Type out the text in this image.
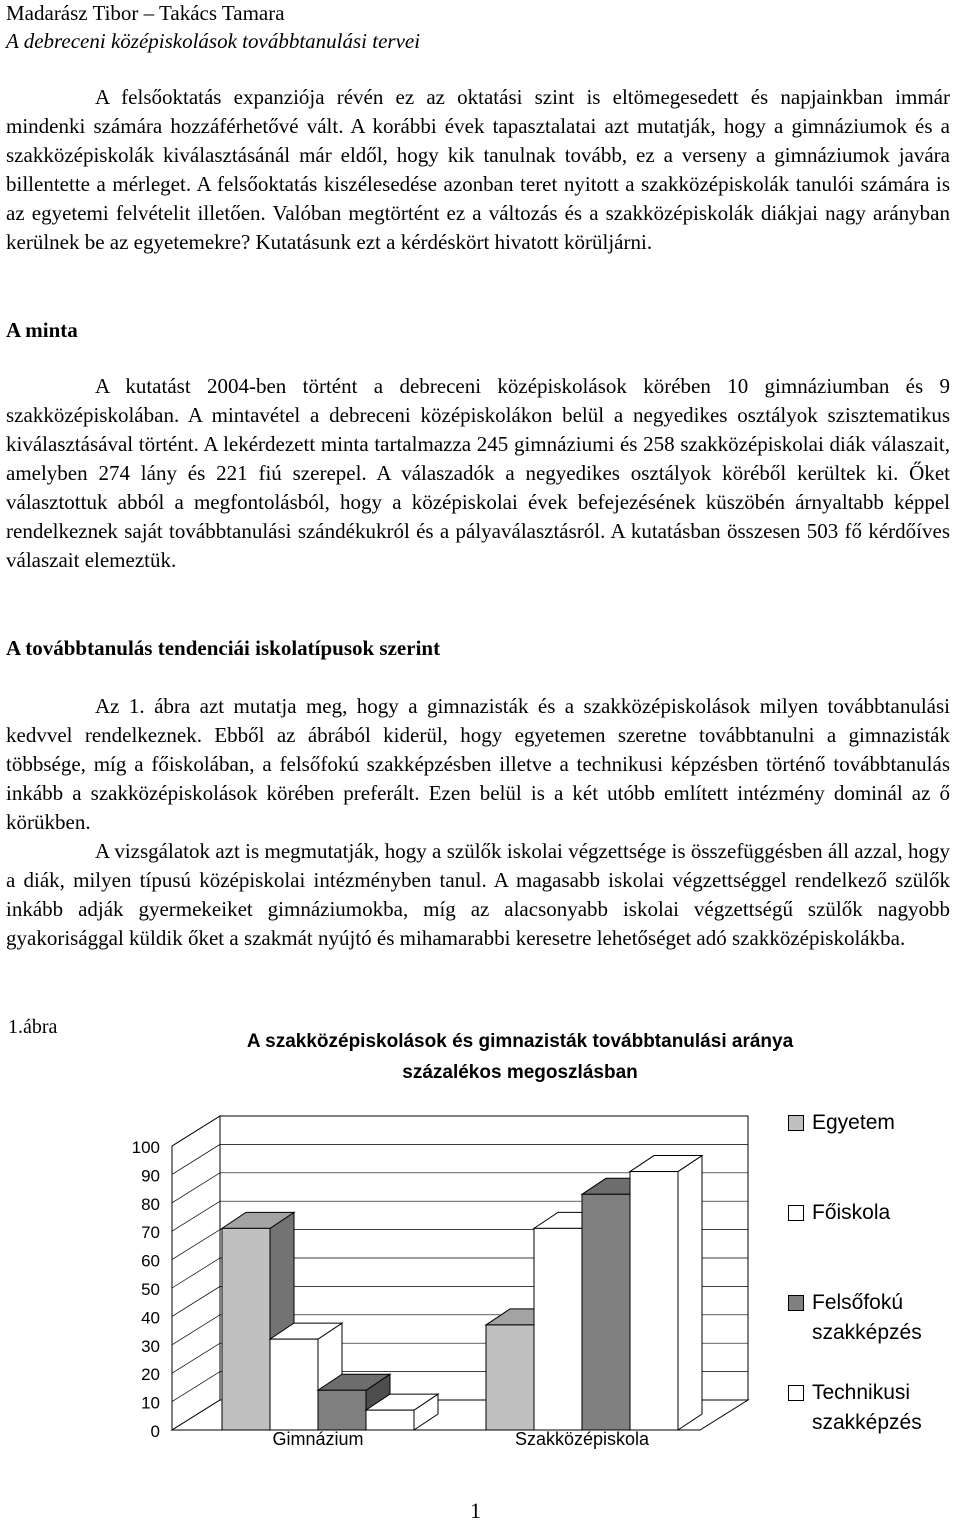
Madarász Tibor – Takács Tamara
A debreceni középiskolások továbbtanulási tervei

A felsőoktatás expanziója révén ez az oktatási szint is eltömegesedett és napjainkban immár mindenki számára hozzáférhetővé vált. A korábbi évek tapasztalatai azt mutatják, hogy a gimnáziumok és a szakközépiskolák kiválasztásánál már eldől, hogy kik tanulnak tovább, ez a verseny a gimnáziumok javára billentette a mérleget. A felsőoktatás kiszélesedése azonban teret nyitott a szakközépiskolák tanulói számára is az egyetemi felvételit illetően. Valóban megtörtént ez a változás és a szakközépiskolák diákjai nagy arányban kerülnek be az egyetemekre? Kutatásunk ezt a kérdéskört hivatott körüljárni.

A minta

A kutatást 2004-ben történt a debreceni középiskolások körében 10 gimnáziumban és 9 szakközépiskolában. A mintavétel a debreceni középiskolákon belül a negyedikes osztályok szisztematikus kiválasztásával történt. A lekérdezett minta tartalmazza 245 gimnáziumi és 258 szakközépiskolai diák válaszait, amelyben 274 lány és 221 fiú szerepel. A válaszadók a negyedikes osztályok köréből kerültek ki. Őket választottuk abból a megfontolásból, hogy a középiskolai évek befejezésének küszöbén árnyaltabb képpel rendelkeznek saját továbbtanulási szándékukról és a pályaválasztásról. A kutatásban összesen 503 fő kérdőíves válaszait elemeztük.

A továbbtanulás tendenciái iskolatípusok szerint

Az 1. ábra azt mutatja meg, hogy a gimnazisták és a szakközépiskolások milyen továbbtanulási kedvvel rendelkeznek. Ebből az ábrából kiderül, hogy egyetemen szeretne továbbtanulni a gimnazisták többsége, míg a főiskolában, a felsőfokú szakképzésben illetve a technikusi képzésben történő továbbtanulás inkább a szakközépiskolások körében preferált. Ezen belül is a két utóbb említett intézmény dominál az ő körükben.

A vizsgálatok azt is megmutatják, hogy a szülők iskolai végzettsége is összefüggésben áll azzal, hogy a diák, milyen típusú középiskolai intézményben tanul. A magasabb iskolai végzettséggel rendelkező szülők inkább adják gyermekeiket gimnáziumokba, míg az alacsonyabb iskolai végzettségű szülők nagyobb gyakorisággal küldik őket a szakmát nyújtó és mihamarabbi keresetre lehetőséget adó szakközépiskolákba.

1.ábra
A szakközépiskolások és gimnazisták továbbtanulási aránya
százalékos megoszlásban
0
10
20
30
40
50
60
70
80
90
100
Gimnázium	Szakközépiskola
Egyetem
Főiskola
Felsőfokú
szakképzés
Technikusi
szakképzés
1
